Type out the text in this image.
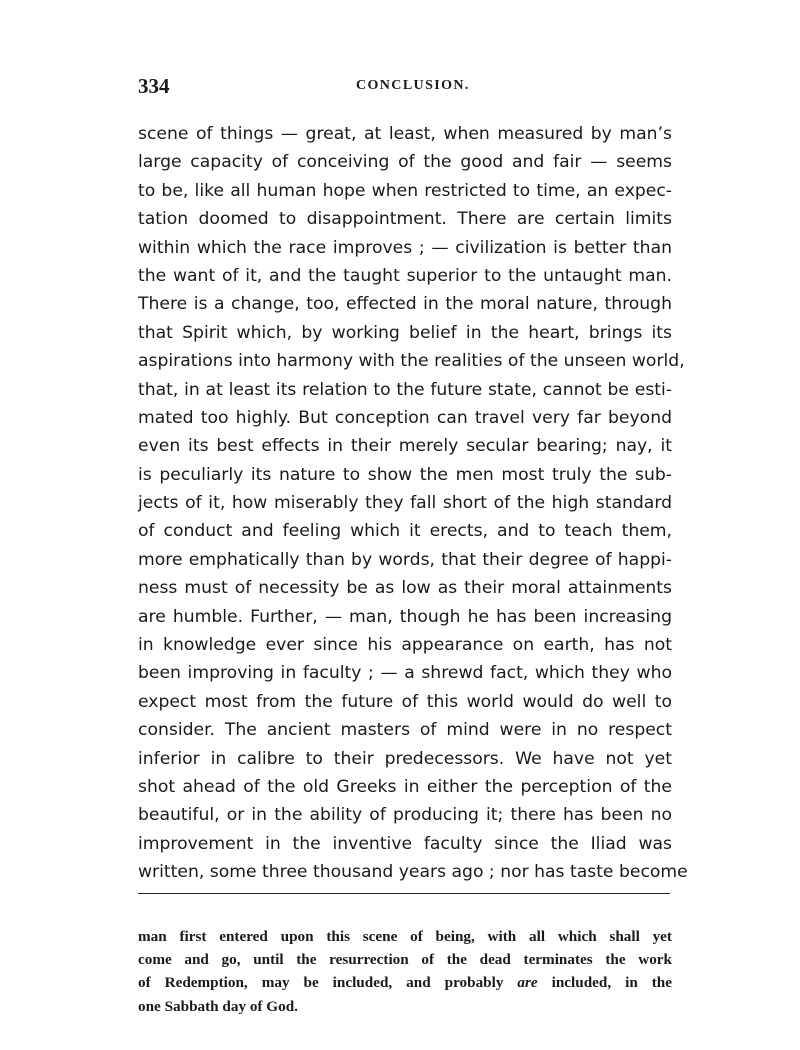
334	CONCLUSION.
scene of things — great, at least, when measured by man’s
large capacity of conceiving of the good and fair — seems
to be, like all human hope when restricted to time, an expec-
tation doomed to disappointment. There are certain limits
within which the race improves ; — civilization is better than
the want of it, and the taught superior to the untaught man.
There is a change, too, effected in the moral nature, through
that Spirit which, by working belief in the heart, brings its
aspirations into harmony with the realities of the unseen world,
that, in at least its relation to the future state, cannot be esti-
mated too highly. But conception can travel very far beyond
even its best effects in their merely secular bearing; nay, it
is peculiarly its nature to show the men most truly the sub-
jects of it, how miserably they fall short of the high standard
of conduct and feeling which it erects, and to teach them,
more emphatically than by words, that their degree of happi-
ness must of necessity be as low as their moral attainments
are humble. Further, — man, though he has been increasing
in knowledge ever since his appearance on earth, has not
been improving in faculty ; — a shrewd fact, which they who
expect most from the future of this world would do well to
consider. The ancient masters of mind were in no respect
inferior in calibre to their predecessors. We have not yet
shot ahead of the old Greeks in either the perception of the
beautiful, or in the ability of producing it; there has been no
improvement in the inventive faculty since the Iliad was
written, some three thousand years ago ; nor has taste become
man first entered upon this scene of being, with all which shall yet
come and go, until the resurrection of the dead terminates the work
of Redemption, may be included, and probably are included, in the
one Sabbath day of God.
